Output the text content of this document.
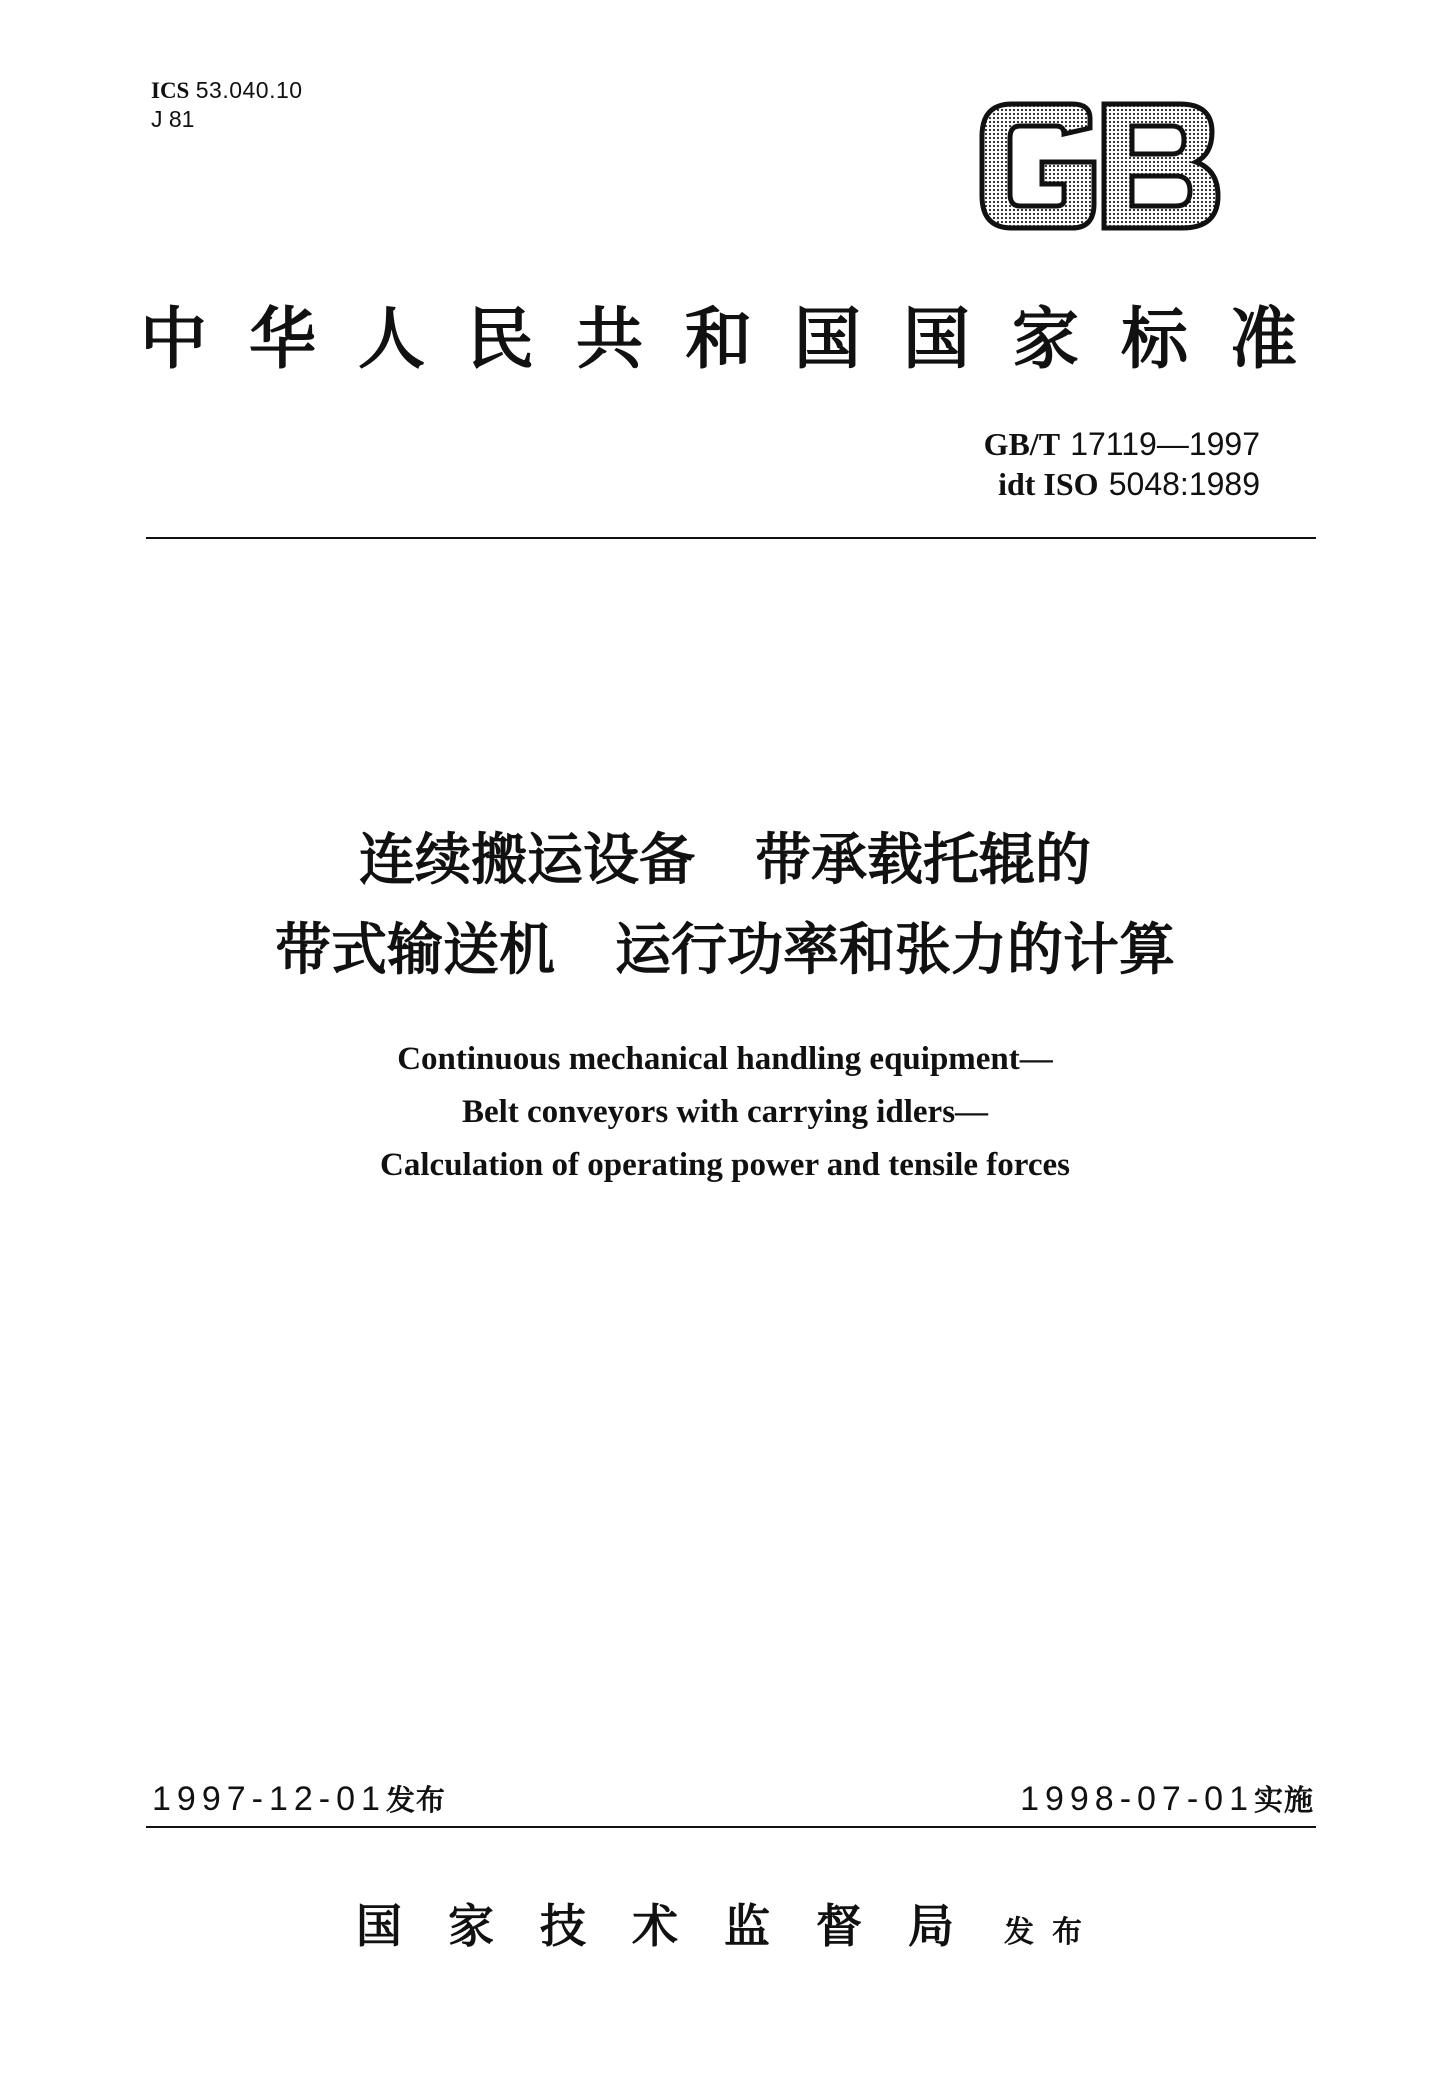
ICS 53.040.10
J 81
中华人民共和国国家标准
GB/T 17119—1997
idt ISO 5048:1989
连续搬运设备 带承载托辊的
带式输送机 运行功率和张力的计算
Continuous mechanical handling equipment—
Belt conveyors with carrying idlers—
Calculation of operating power and tensile forces
1997-12-01发布	1998-07-01实施
国家技术监督局 发布
